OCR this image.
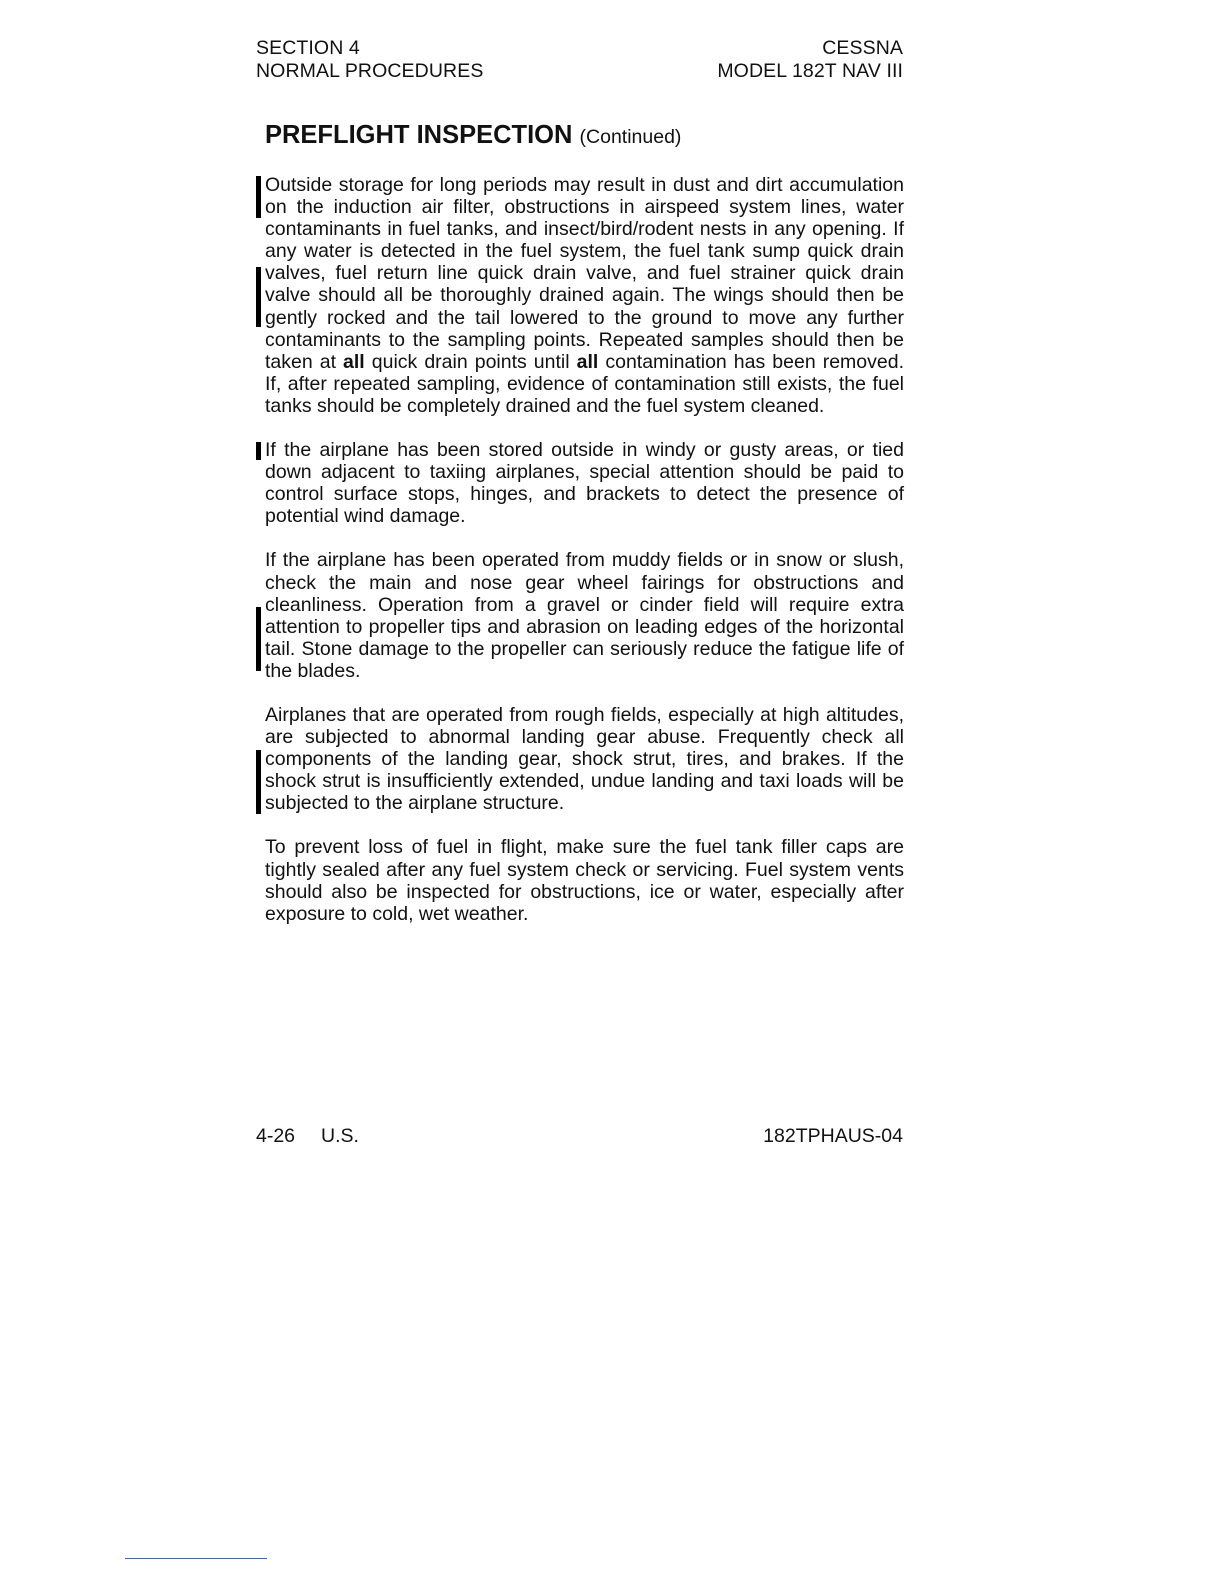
SECTION 4
NORMAL PROCEDURES
CESSNA
MODEL 182T NAV III
PREFLIGHT INSPECTION (Continued)

Outside storage for long periods may result in dust and dirt accumulation on the induction air filter, obstructions in airspeed system lines, water contaminants in fuel tanks, and insect/bird/rodent nests in any opening. If any water is detected in the fuel system, the fuel tank sump quick drain valves, fuel return line quick drain valve, and fuel strainer quick drain valve should all be thoroughly drained again. The wings should then be gently rocked and the tail lowered to the ground to move any further contaminants to the sampling points. Repeated samples should then be taken at all quick drain points until all contamination has been removed. If, after repeated sampling, evidence of contamination still exists, the fuel tanks should be completely drained and the fuel system cleaned.

If the airplane has been stored outside in windy or gusty areas, or tied down adjacent to taxiing airplanes, special attention should be paid to control surface stops, hinges, and brackets to detect the presence of potential wind damage.

If the airplane has been operated from muddy fields or in snow or slush, check the main and nose gear wheel fairings for obstructions and cleanliness. Operation from a gravel or cinder field will require extra attention to propeller tips and abrasion on leading edges of the horizontal tail. Stone damage to the propeller can seriously reduce the fatigue life of the blades.

Airplanes that are operated from rough fields, especially at high altitudes, are subjected to abnormal landing gear abuse. Frequently check all components of the landing gear, shock strut, tires, and brakes. If the shock strut is insufficiently extended, undue landing and taxi loads will be subjected to the airplane structure.

To prevent loss of fuel in flight, make sure the fuel tank filler caps are tightly sealed after any fuel system check or servicing. Fuel system vents should also be inspected for obstructions, ice or water, especially after exposure to cold, wet weather.

4-26 U.S.	182TPHAUS-04
